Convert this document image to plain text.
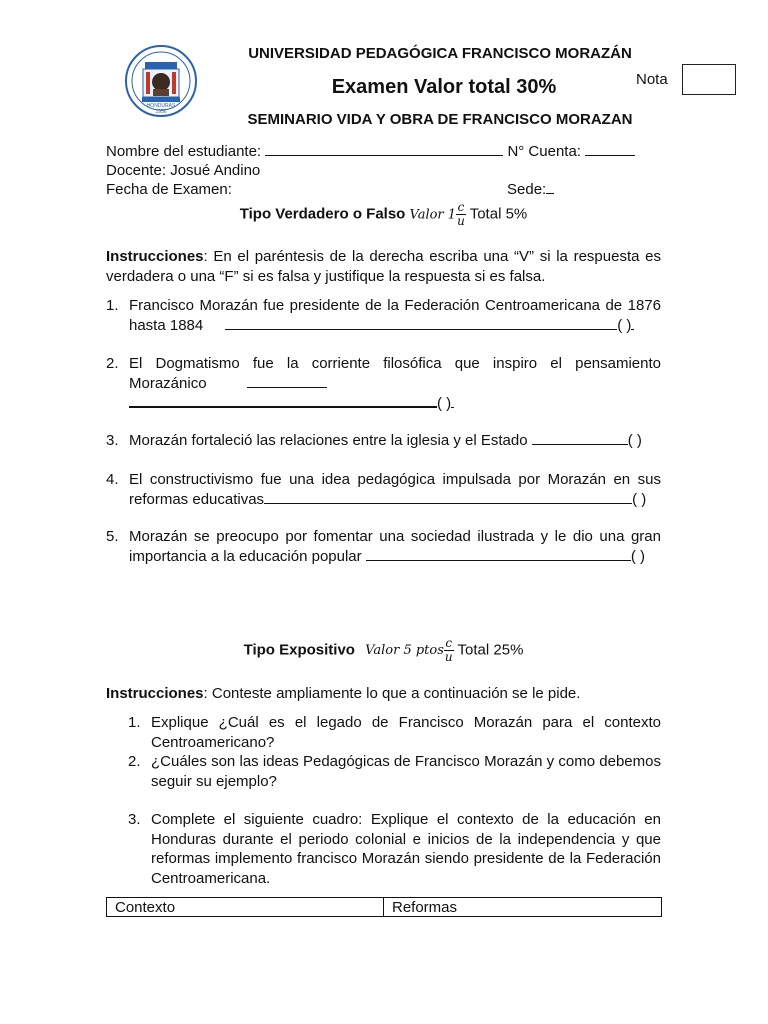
HONDURAS
1956
UNIVERSIDAD PEDAGÓGICA FRANCISCO MORAZÁN
Examen Valor total 30%
SEMINARIO VIDA Y OBRA DE FRANCISCO MORAZAN
Nota
Nombre del estudiante:	N° Cuenta:
Docente: Josué Andino
Fecha de Examen:	Sede:
Tipo Verdadero o Falso Valor $1 \frac{c}{u}$ Total 5%
Instrucciones: En el paréntesis de la derecha escriba una “V” si la respuesta es verdadera o una “F” si es falsa y justifique la respuesta si es falsa.
1. Francisco Morazán fue presidente de la Federación Centroamericana de 1876
hasta 1884	( )
2. El Dogmatismo fue la corriente filosófica que inspiro el pensamiento
Morazánico
( )
3. Morazán fortaleció las relaciones entre la iglesia y el Estado	( )
4. El constructivismo fue una idea pedagógica impulsada por Morazán en sus
reformas educativas	( )
5. Morazán se preocupo por fomentar una sociedad ilustrada y le dio una gran
importancia a la educación popular	( )
Tipo Expositivo Valor 5 ptos $\frac{c}{u}$ Total 25%
Instrucciones: Conteste ampliamente lo que a continuación se le pide.
1. Explique ¿Cuál es el legado de Francisco Morazán para el contexto Centroamericano?
2. ¿Cuáles son las ideas Pedagógicas de Francisco Morazán y como debemos seguir su ejemplo?
3. Complete el siguiente cuadro: Explique el contexto de la educación en Honduras durante el periodo colonial e inicios de la independencia y que reformas implemento francisco Morazán siendo presidente de la Federación Centroamericana.
Contexto	Reformas
